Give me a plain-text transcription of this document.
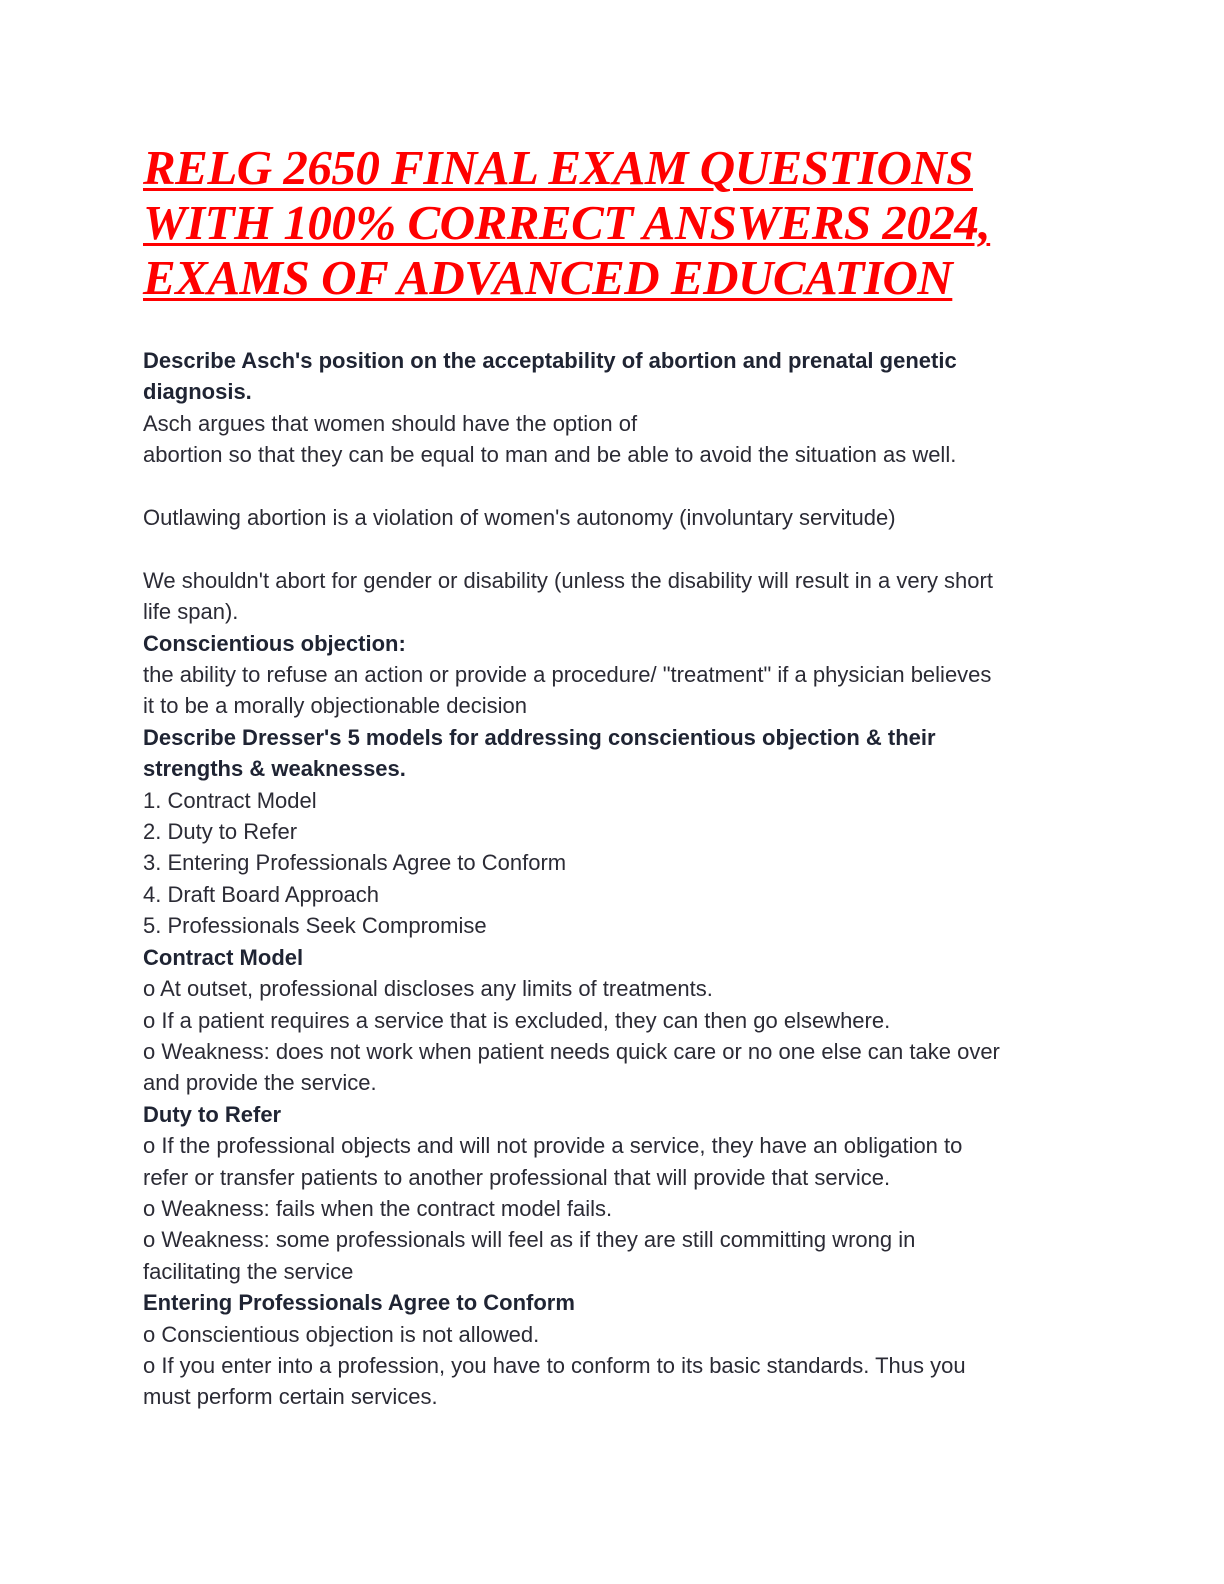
RELG 2650 FINAL EXAM QUESTIONS
WITH 100% CORRECT ANSWERS 2024,
EXAMS OF ADVANCED EDUCATION

Describe Asch's position on the acceptability of abortion and prenatal genetic

diagnosis.

Asch argues that women should have the option of

abortion so that they can be equal to man and be able to avoid the situation as well.

Outlawing abortion is a violation of women's autonomy (involuntary servitude)

We shouldn't abort for gender or disability (unless the disability will result in a very short

life span).

Conscientious objection:

the ability to refuse an action or provide a procedure/ "treatment" if a physician believes

it to be a morally objectionable decision

Describe Dresser's 5 models for addressing conscientious objection & their

strengths & weaknesses.

1. Contract Model

2. Duty to Refer

3. Entering Professionals Agree to Conform

4. Draft Board Approach

5. Professionals Seek Compromise

Contract Model

o At outset, professional discloses any limits of treatments.

o If a patient requires a service that is excluded, they can then go elsewhere.

o Weakness: does not work when patient needs quick care or no one else can take over

and provide the service.

Duty to Refer

o If the professional objects and will not provide a service, they have an obligation to

refer or transfer patients to another professional that will provide that service.

o Weakness: fails when the contract model fails.

o Weakness: some professionals will feel as if they are still committing wrong in

facilitating the service

Entering Professionals Agree to Conform

o Conscientious objection is not allowed.

o If you enter into a profession, you have to conform to its basic standards. Thus you

must perform certain services.
